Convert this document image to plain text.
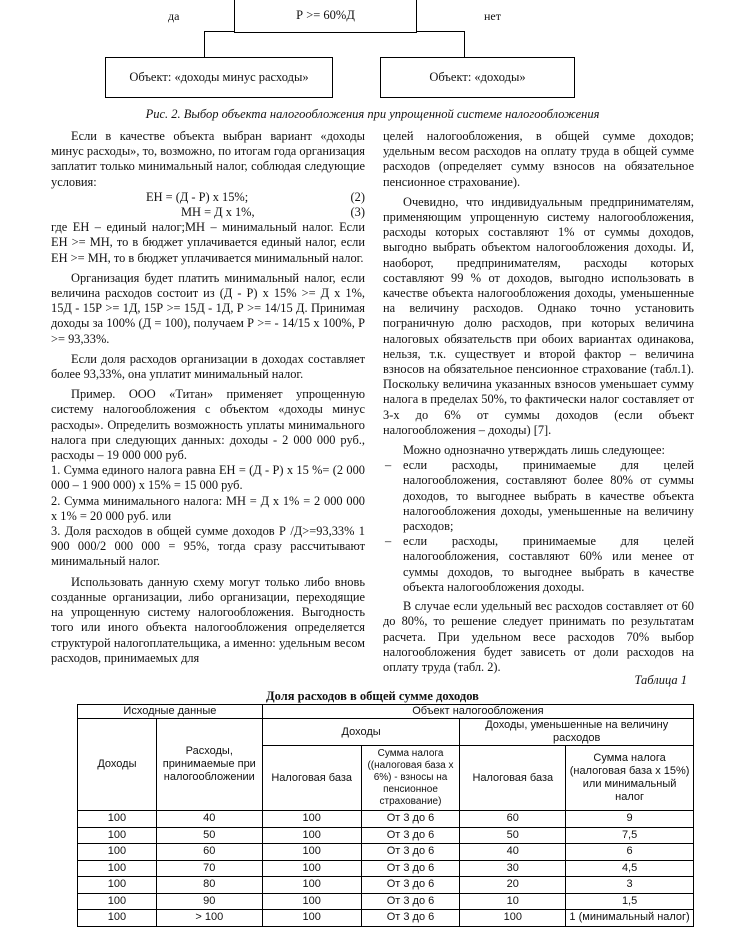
Р >= 60%Д
да	нет
Объект: «доходы минус расходы»	Объект: «доходы»
Рис. 2. Выбор объекта налогообложения при упрощенной системе налогообложения

Если в качестве объекта выбран вариант «доходы минус расходы», то, возможно, по итогам года организация заплатит только минимальный налог, соблюдая следующие условия:

ЕН = (Д - Р) х 15%;	(2)
МН = Д х 1%,	(3)

где ЕН – единый налог;МН – минимальный налог. Если ЕН >= МН, то в бюджет уплачивается единый налог, если ЕН >= МН, то в бюджет уплачивается минимальный налог.

Организация будет платить минимальный налог, если величина расходов состоит из (Д - Р) х 15% >= Д х 1%, 15Д - 15Р >= 1Д, 15Р >= 15Д - 1Д, Р >= 14/15 Д. Принимая доходы за 100% (Д = 100), получаем Р >= - 14/15 х 100%, Р >= 93,33%.

Если доля расходов организации в доходах составляет более 93,33%, она уплатит минимальный налог.

Пример. ООО «Титан» применяет упрощенную систему налогообложения с объектом «доходы минус расходы». Определить возможность уплаты минимального налога при следующих данных: доходы - 2 000 000 руб., расходы – 19 000 000 руб.

1. Сумма единого налога равна ЕН = (Д - Р) х 15 %= (2 000 000 – 1 900 000) х 15% = 15 000 руб.

2. Сумма минимального налога: МН = Д х 1% = 2 000 000 х 1% = 20 000 руб. или

3. Доля расходов в общей сумме доходов Р /Д>=93,33% 1 900 000/2 000 000 = 95%, тогда сразу рассчитывают минимальный налог.

Использовать данную схему могут только либо вновь созданные организации, либо организации, переходящие на упрощенную систему налогообложения. Выгодность того или иного объекта налогообложения определяется структурой налогоплательщика, а именно: удельным весом расходов, принимаемых для

целей налогообложения, в общей сумме доходов; удельным весом расходов на оплату труда в общей сумме расходов (определяет сумму взносов на обязательное пенсионное страхование).

Очевидно, что индивидуальным предпринимателям, применяющим упрощенную систему налогообложения, расходы которых составляют 1% от суммы доходов, выгодно выбрать объектом налогообложения доходы. И, наоборот, предпринимателям, расходы которых составляют 99 % от доходов, выгодно использовать в качестве объекта налогообложения доходы, уменьшенные на величину расходов. Однако точно установить пограничную долю расходов, при которых величина налоговых обязательств при обоих вариантах одинакова, нельзя, т.к. существует и второй фактор – величина взносов на обязательное пенсионное страхование (табл.1). Поскольку величина указанных взносов уменьшает сумму налога в пределах 50%, то фактически налог составляет от 3-х до 6% от суммы доходов (если объект налогообложения – доходы) [7].

Можно однозначно утверждать лишь следующее:

– если расходы, принимаемые для целей налогообложения, составляют более 80% от суммы доходов, то выгоднее выбрать в качестве объекта налогообложения доходы, уменьшенные на величину расходов;
– если расходы, принимаемые для целей налогообложения, составляют 60% или менее от суммы доходов, то выгоднее выбрать в качестве объекта налогообложения доходы.

В случае если удельный вес расходов составляет от 60 до 80%, то решение следует принимать по результатам расчета. При удельном весе расходов 70% выбор налогообложения будет зависеть от доли расходов на оплату труда (табл. 2).

Таблица 1
Доля расходов в общей сумме доходов
Исходные данные		Объект налогообложения			
Доходы	Расходы, принимаемые при налогообложении	Доходы		Доходы, уменьшенные на величину расходов	
		Налоговая база	Сумма налога ((налоговая база х 6%) - взносы на пенсионное страхование)	Налоговая база	Сумма налога (налоговая база х 15%) или минимальный налог
100	40	100	От 3 до 6	60	9
100	50	100	От 3 до 6	50	7,5
100	60	100	От 3 до 6	40	6
100	70	100	От 3 до 6	30	4,5
100	80	100	От 3 до 6	20	3
100	90	100	От 3 до 6	10	1,5
100	> 100	100	От 3 до 6	100	1 (минимальный налог)
